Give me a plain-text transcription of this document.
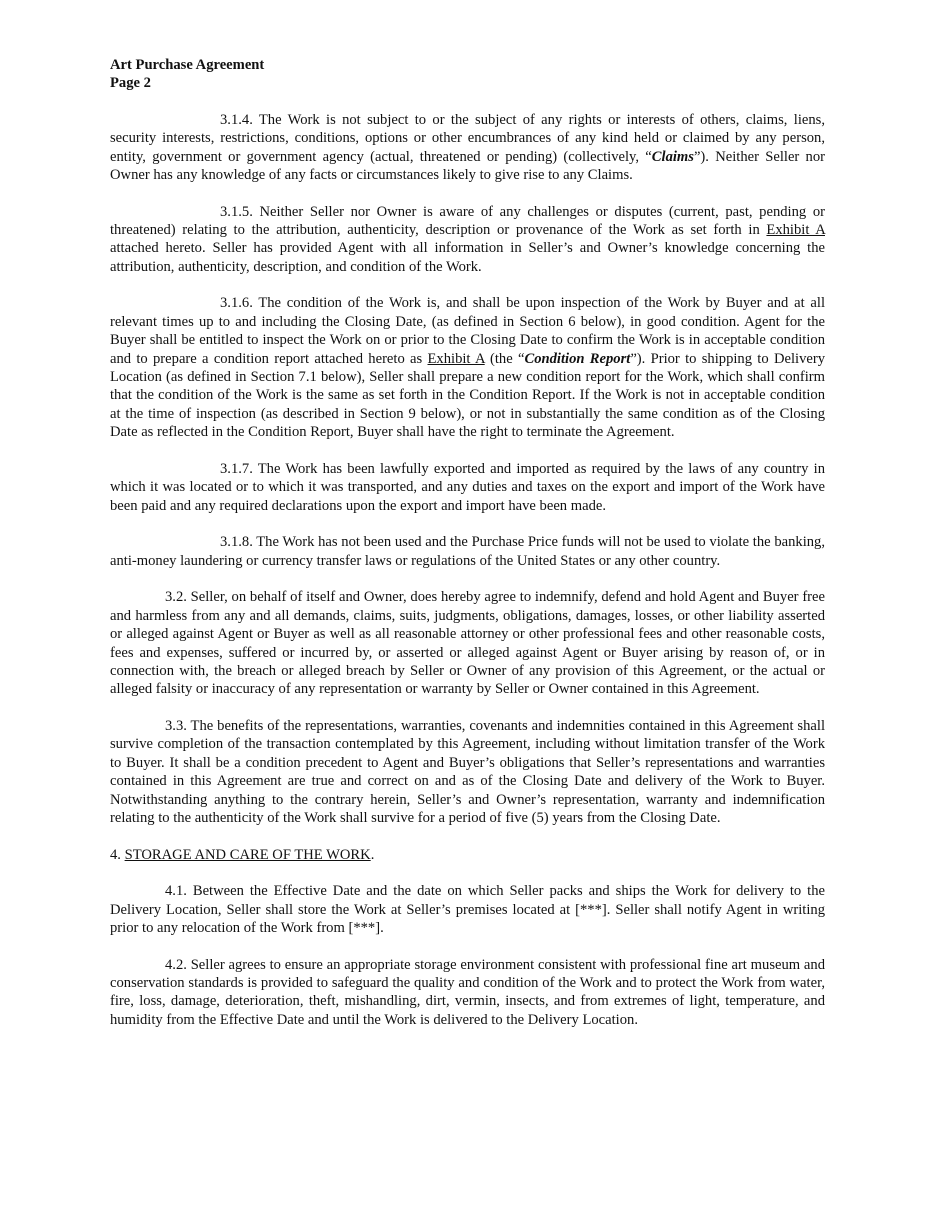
Art Purchase Agreement
Page 2

3.1.4. The Work is not subject to or the subject of any rights or interests of others, claims, liens, security interests, restrictions, conditions, options or other encumbrances of any kind held or claimed by any person, entity, government or government agency (actual, threatened or pending) (collectively, “Claims”). Neither Seller nor Owner has any knowledge of any facts or circumstances likely to give rise to any Claims.

3.1.5. Neither Seller nor Owner is aware of any challenges or disputes (current, past, pending or threatened) relating to the attribution, authenticity, description or provenance of the Work as set forth in Exhibit A attached hereto. Seller has provided Agent with all information in Seller’s and Owner’s knowledge concerning the attribution, authenticity, description, and condition of the Work.

3.1.6. The condition of the Work is, and shall be upon inspection of the Work by Buyer and at all relevant times up to and including the Closing Date, (as defined in Section 6 below), in good condition. Agent for the Buyer shall be entitled to inspect the Work on or prior to the Closing Date to confirm the Work is in acceptable condition and to prepare a condition report attached hereto as Exhibit A (the “Condition Report”). Prior to shipping to Delivery Location (as defined in Section 7.1 below), Seller shall prepare a new condition report for the Work, which shall confirm that the condition of the Work is the same as set forth in the Condition Report. If the Work is not in acceptable condition at the time of inspection (as described in Section 9 below), or not in substantially the same condition as of the Closing Date as reflected in the Condition Report, Buyer shall have the right to terminate the Agreement.

3.1.7. The Work has been lawfully exported and imported as required by the laws of any country in which it was located or to which it was transported, and any duties and taxes on the export and import of the Work have been paid and any required declarations upon the export and import have been made.

3.1.8. The Work has not been used and the Purchase Price funds will not be used to violate the banking, anti-money laundering or currency transfer laws or regulations of the United States or any other country.

3.2. Seller, on behalf of itself and Owner, does hereby agree to indemnify, defend and hold Agent and Buyer free and harmless from any and all demands, claims, suits, judgments, obligations, damages, losses, or other liability asserted or alleged against Agent or Buyer as well as all reasonable attorney or other professional fees and other reasonable costs, fees and expenses, suffered or incurred by, or asserted or alleged against Agent or Buyer arising by reason of, or in connection with, the breach or alleged breach by Seller or Owner of any provision of this Agreement, or the actual or alleged falsity or inaccuracy of any representation or warranty by Seller or Owner contained in this Agreement.

3.3. The benefits of the representations, warranties, covenants and indemnities contained in this Agreement shall survive completion of the transaction contemplated by this Agreement, including without limitation transfer of the Work to Buyer. It shall be a condition precedent to Agent and Buyer’s obligations that Seller’s representations and warranties contained in this Agreement are true and correct on and as of the Closing Date and delivery of the Work to Buyer. Notwithstanding anything to the contrary herein, Seller’s and Owner’s representation, warranty and indemnification relating to the authenticity of the Work shall survive for a period of five (5) years from the Closing Date.

4. STORAGE AND CARE OF THE WORK.

4.1. Between the Effective Date and the date on which Seller packs and ships the Work for delivery to the Delivery Location, Seller shall store the Work at Seller’s premises located at [***]. Seller shall notify Agent in writing prior to any relocation of the Work from [***].

4.2. Seller agrees to ensure an appropriate storage environment consistent with professional fine art museum and conservation standards is provided to safeguard the quality and condition of the Work and to protect the Work from water, fire, loss, damage, deterioration, theft, mishandling, dirt, vermin, insects, and from extremes of light, temperature, and humidity from the Effective Date and until the Work is delivered to the Delivery Location.
